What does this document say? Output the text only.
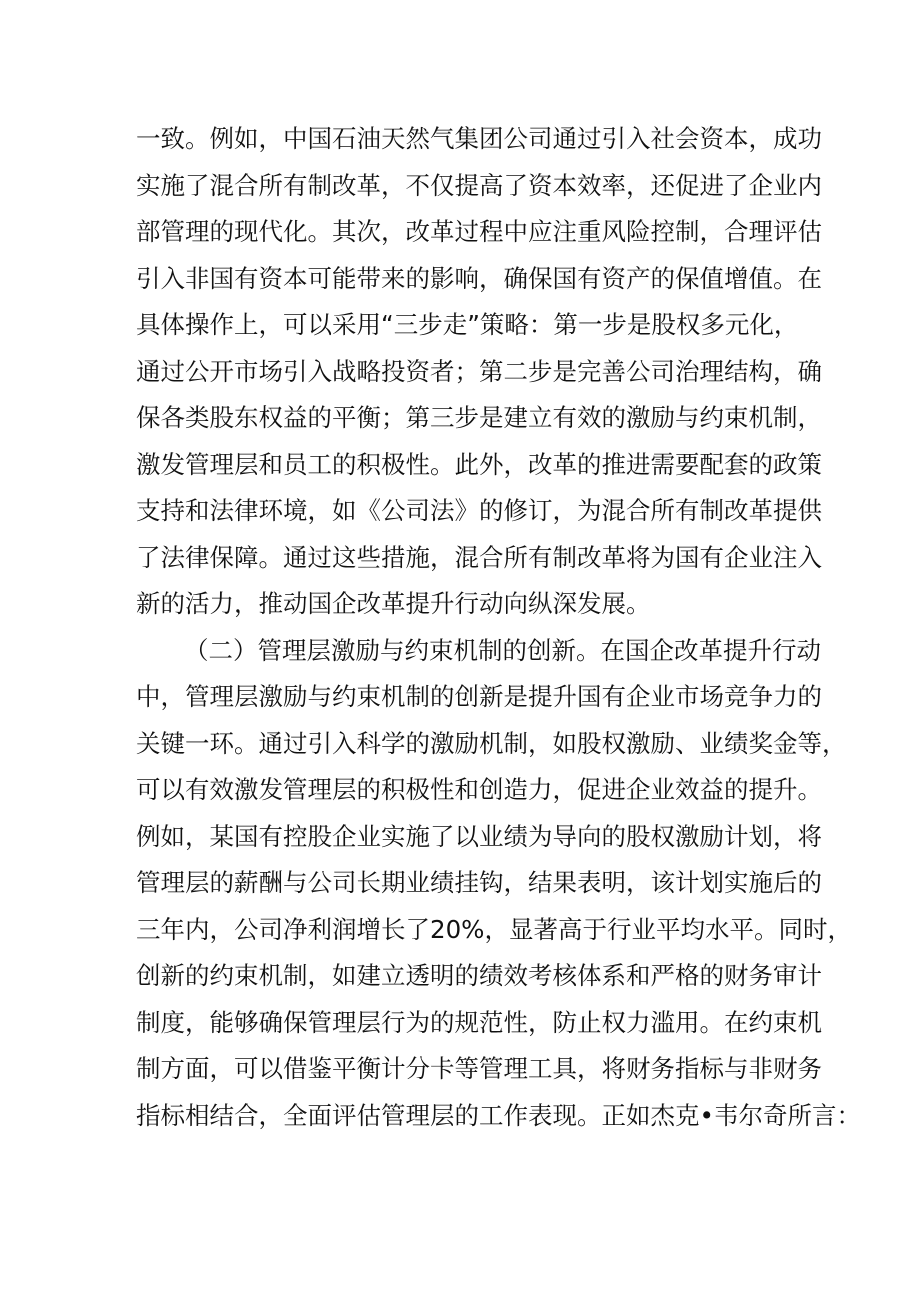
一致。例如，中国石油天然气集团公司通过引入社会资本，成功
实施了混合所有制改革，不仅提高了资本效率，还促进了企业内
部管理的现代化。其次，改革过程中应注重风险控制，合理评估
引入非国有资本可能带来的影响，确保国有资产的保值增值。在
具体操作上，可以采用“三步走”策略：第一步是股权多元化，
通过公开市场引入战略投资者；第二步是完善公司治理结构，确
保各类股东权益的平衡；第三步是建立有效的激励与约束机制，
激发管理层和员工的积极性。此外，改革的推进需要配套的政策
支持和法律环境，如《公司法》的修订，为混合所有制改革提供
了法律保障。通过这些措施，混合所有制改革将为国有企业注入
新的活力，推动国企改革提升行动向纵深发展。
（二）管理层激励与约束机制的创新。在国企改革提升行动
中，管理层激励与约束机制的创新是提升国有企业市场竞争力的
关键一环。通过引入科学的激励机制，如股权激励、业绩奖金等，
可以有效激发管理层的积极性和创造力，促进企业效益的提升。
例如，某国有控股企业实施了以业绩为导向的股权激励计划，将
管理层的薪酬与公司长期业绩挂钩，结果表明，该计划实施后的
三年内，公司净利润增长了20%，显著高于行业平均水平。同时，
创新的约束机制，如建立透明的绩效考核体系和严格的财务审计
制度，能够确保管理层行为的规范性，防止权力滥用。在约束机
制方面，可以借鉴平衡计分卡等管理工具，将财务指标与非财务
指标相结合，全面评估管理层的工作表现。正如杰克•韦尔奇所言：
